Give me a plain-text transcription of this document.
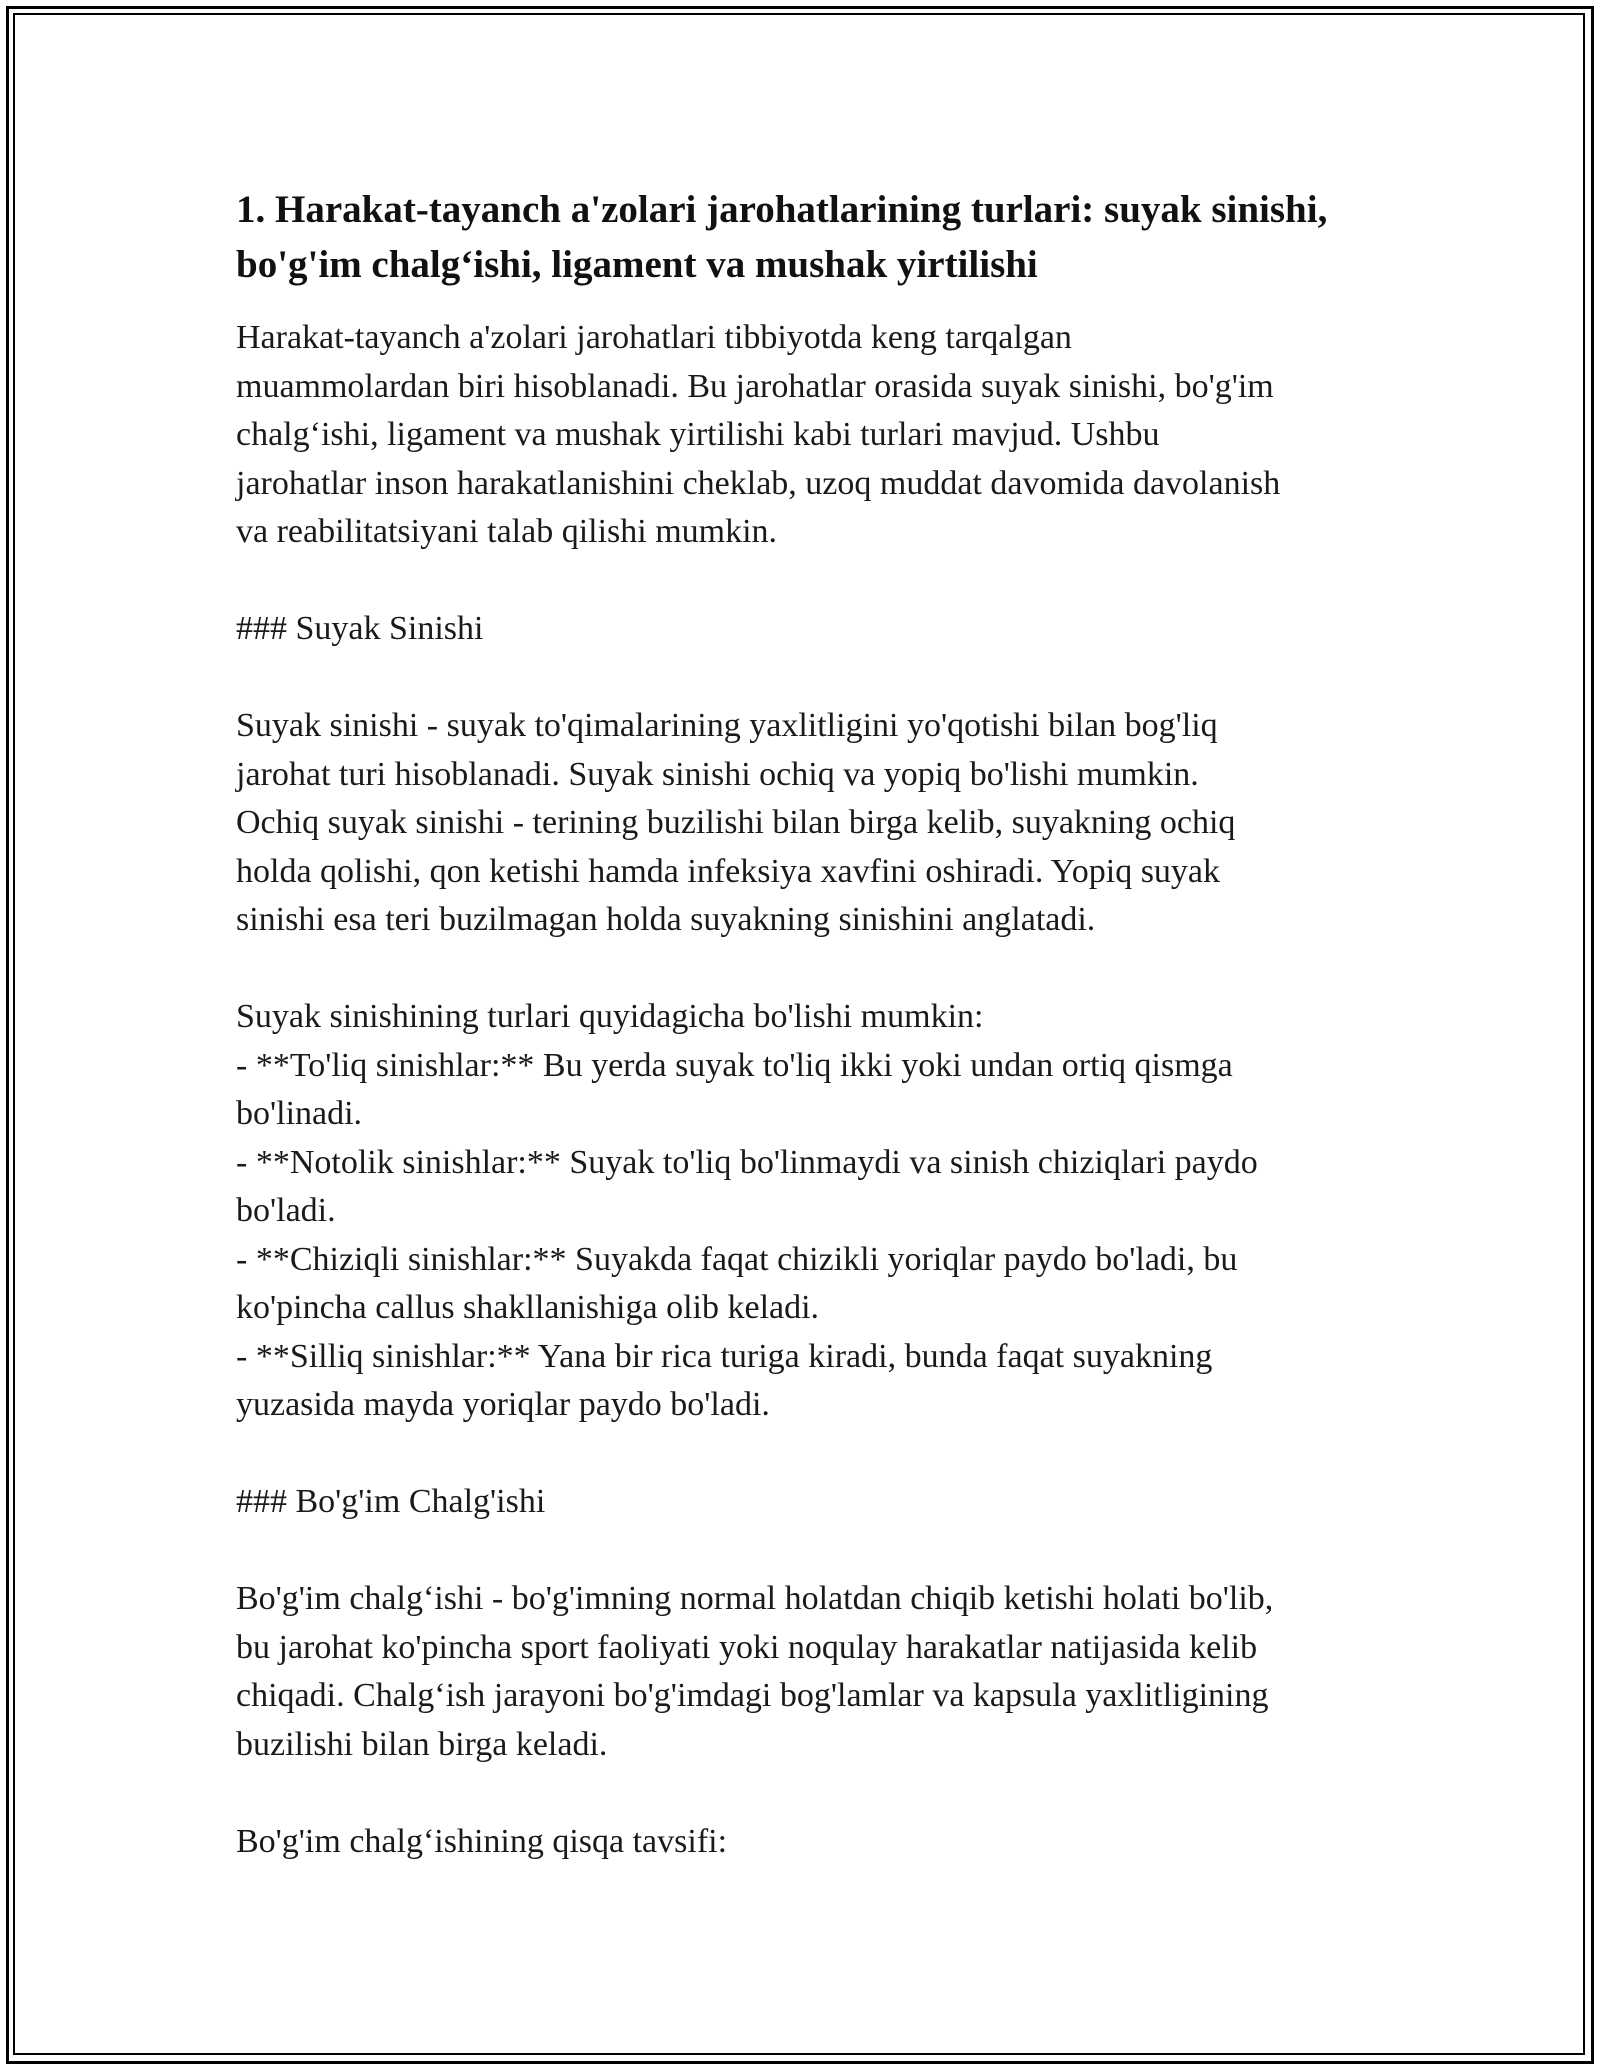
1. Harakat-tayanch a'zolari jarohatlarining turlari: suyak sinishi, bo'g'im chalg‘ishi, ligament va mushak yirtilishi

Harakat-tayanch a'zolari jarohatlari tibbiyotda keng tarqalgan

muammolardan biri hisoblanadi. Bu jarohatlar orasida suyak sinishi, bo'g'im

chalg‘ishi, ligament va mushak yirtilishi kabi turlari mavjud. Ushbu

jarohatlar inson harakatlanishini cheklab, uzoq muddat davomida davolanish

va reabilitatsiyani talab qilishi mumkin.

### Suyak Sinishi

Suyak sinishi - suyak to'qimalarining yaxlitligini yo'qotishi bilan bog'liq

jarohat turi hisoblanadi. Suyak sinishi ochiq va yopiq bo'lishi mumkin.

Ochiq suyak sinishi - terining buzilishi bilan birga kelib, suyakning ochiq

holda qolishi, qon ketishi hamda infeksiya xavfini oshiradi. Yopiq suyak

sinishi esa teri buzilmagan holda suyakning sinishini anglatadi.

Suyak sinishining turlari quyidagicha bo'lishi mumkin:

- **To'liq sinishlar:** Bu yerda suyak to'liq ikki yoki undan ortiq qismga

bo'linadi.

- **Notolik sinishlar:** Suyak to'liq bo'linmaydi va sinish chiziqlari paydo

bo'ladi.

- **Chiziqli sinishlar:** Suyakda faqat chizikli yoriqlar paydo bo'ladi, bu

ko'pincha callus shakllanishiga olib keladi.

- **Silliq sinishlar:** Yana bir rica turiga kiradi, bunda faqat suyakning

yuzasida mayda yoriqlar paydo bo'ladi.

### Bo'g'im Chalg'ishi

Bo'g'im chalg‘ishi - bo'g'imning normal holatdan chiqib ketishi holati bo'lib,

bu jarohat ko'pincha sport faoliyati yoki noqulay harakatlar natijasida kelib

chiqadi. Chalg‘ish jarayoni bo'g'imdagi bog'lamlar va kapsula yaxlitligining

buzilishi bilan birga keladi.

Bo'g'im chalg‘ishining qisqa tavsifi:
